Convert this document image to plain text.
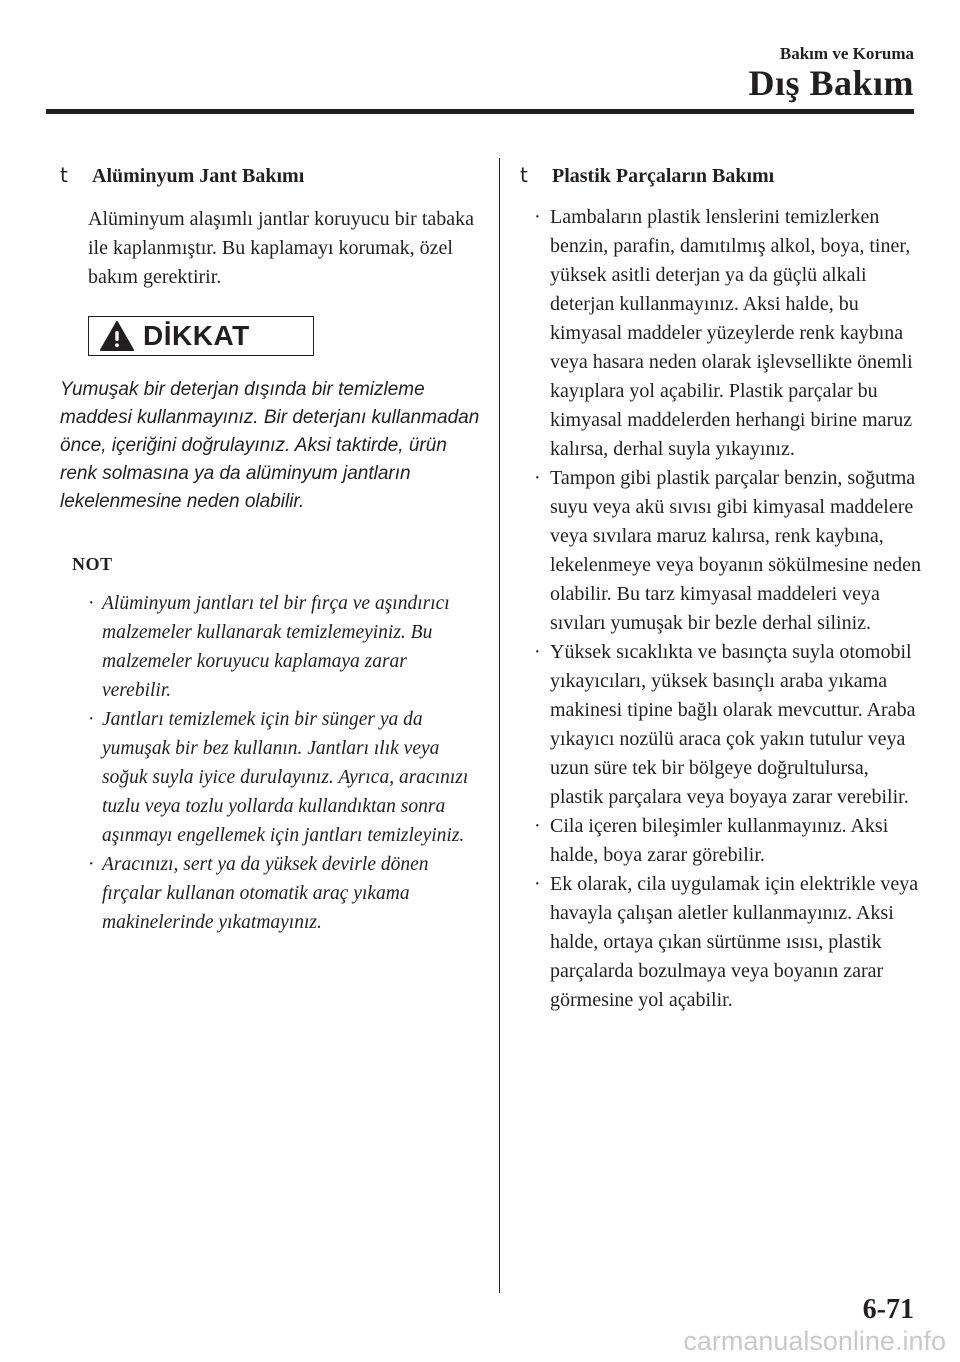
Bakım ve Koruma
Dış Bakım
t	Alüminyum Jant Bakımı

Alüminyum alaşımlı jantlar koruyucu bir tabaka ile kaplanmıştır. Bu kaplamayı korumak, özel bakım gerektirir.

DİKKAT

Yumuşak bir deterjan dışında bir temizleme maddesi kullanmayınız. Bir deterjanı kullanmadan önce, içeriğini doğrulayınız. Aksi taktirde, ürün renk solmasına ya da alüminyum jantların lekelenmesine neden olabilir.

NOT
· Alüminyum jantları tel bir fırça ve aşındırıcı malzemeler kullanarak temizlemeyiniz. Bu malzemeler koruyucu kaplamaya zarar verebilir.
· Jantları temizlemek için bir sünger ya da yumuşak bir bez kullanın. Jantları ılık veya soğuk suyla iyice durulayınız. Ayrıca, aracınızı tuzlu veya tozlu yollarda kullandıktan sonra aşınmayı engellemek için jantları temizleyiniz.
· Aracınızı, sert ya da yüksek devirle dönen fırçalar kullanan otomatik araç yıkama makinelerinde yıkatmayınız.
t	Plastik Parçaların Bakımı
· Lambaların plastik lenslerini temizlerken benzin, parafin, damıtılmış alkol, boya, tiner, yüksek asitli deterjan ya da güçlü alkali deterjan kullanmayınız. Aksi halde, bu kimyasal maddeler yüzeylerde renk kaybına veya hasara neden olarak işlevsellikte önemli kayıplara yol açabilir. Plastik parçalar bu kimyasal maddelerden herhangi birine maruz kalırsa, derhal suyla yıkayınız.
· Tampon gibi plastik parçalar benzin, soğutma suyu veya akü sıvısı gibi kimyasal maddelere veya sıvılara maruz kalırsa, renk kaybına, lekelenmeye veya boyanın sökülmesine neden olabilir. Bu tarz kimyasal maddeleri veya sıvıları yumuşak bir bezle derhal siliniz.
· Yüksek sıcaklıkta ve basınçta suyla otomobil yıkayıcıları, yüksek basınçlı araba yıkama makinesi tipine bağlı olarak mevcuttur. Araba yıkayıcı nozülü araca çok yakın tutulur veya uzun süre tek bir bölgeye doğrultulursa, plastik parçalara veya boyaya zarar verebilir.
· Cila içeren bileşimler kullanmayınız. Aksi halde, boya zarar görebilir.
· Ek olarak, cila uygulamak için elektrikle veya havayla çalışan aletler kullanmayınız. Aksi halde, ortaya çıkan sürtünme ısısı, plastik parçalarda bozulmaya veya boyanın zarar görmesine yol açabilir.
6-71
carmanualsonline.info
